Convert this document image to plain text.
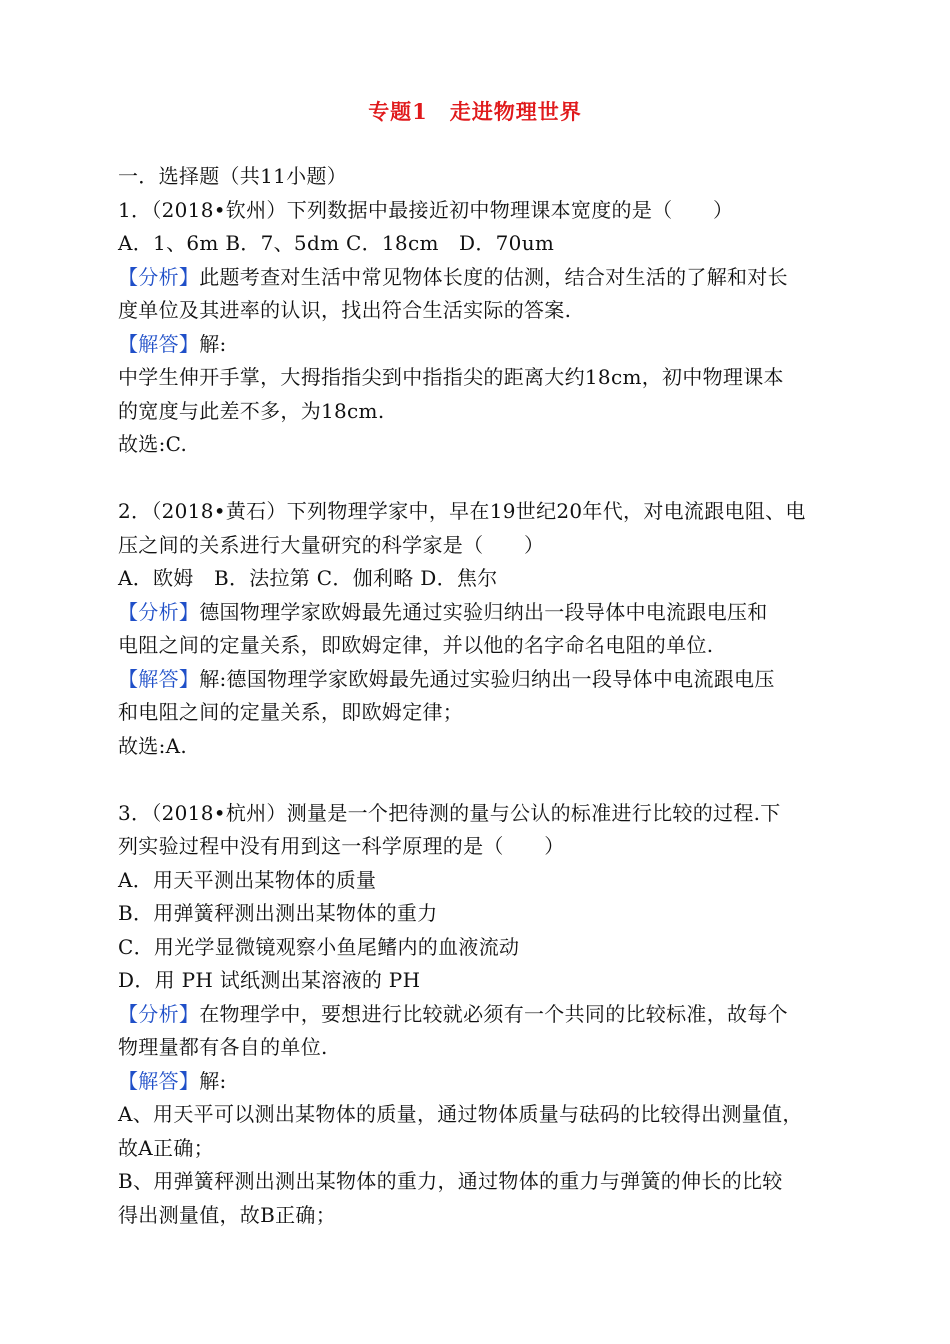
专题1　走进物理世界
一．选择题（共11小题）
1．（2018•钦州）下列数据中最接近初中物理课本宽度的是（　　）
A．1、6m B．7、5dm C．18cm　D．70um
【分析】此题考查对生活中常见物体长度的估测，结合对生活的了解和对长
度单位及其进率的认识，找出符合生活实际的答案.
【解答】解:
中学生伸开手掌，大拇指指尖到中指指尖的距离大约18cm，初中物理课本
的宽度与此差不多，为18cm.
故选:C.
2．（2018•黄石）下列物理学家中，早在19世纪20年代，对电流跟电阻、电
压之间的关系进行大量研究的科学家是（　　）
A．欧姆　B．法拉第 C．伽利略 D．焦尔
【分析】德国物理学家欧姆最先通过实验归纳出一段导体中电流跟电压和
电阻之间的定量关系，即欧姆定律，并以他的名字命名电阻的单位.
【解答】解:德国物理学家欧姆最先通过实验归纳出一段导体中电流跟电压
和电阻之间的定量关系，即欧姆定律；
故选:A.
3．（2018•杭州）测量是一个把待测的量与公认的标准进行比较的过程.下
列实验过程中没有用到这一科学原理的是（　　）
A．用天平测出某物体的质量
B．用弹簧秤测出测出某物体的重力
C．用光学显微镜观察小鱼尾鳍内的血液流动
D．用 PH 试纸测出某溶液的 PH
【分析】在物理学中，要想进行比较就必须有一个共同的比较标准，故每个
物理量都有各自的单位.
【解答】解:
A、用天平可以测出某物体的质量，通过物体质量与砝码的比较得出测量值，
故A正确；
B、用弹簧秤测出测出某物体的重力，通过物体的重力与弹簧的伸长的比较
得出测量值，故B正确；
